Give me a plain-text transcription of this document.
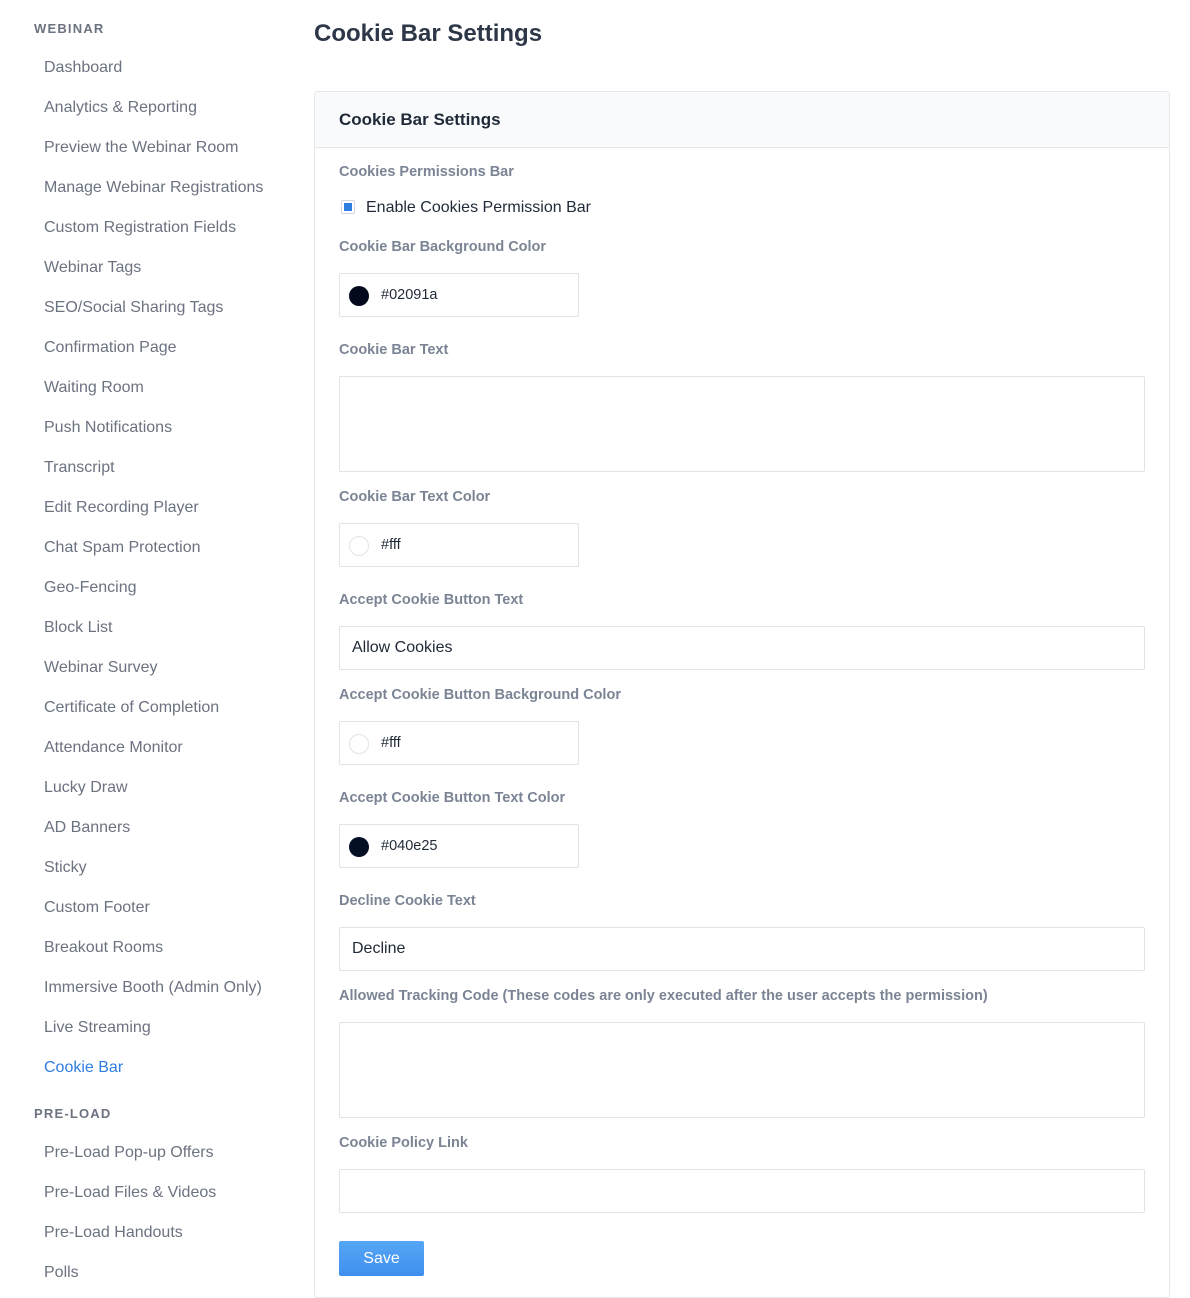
WEBINAR
Dashboard
Analytics & Reporting
Preview the Webinar Room
Manage Webinar Registrations
Custom Registration Fields
Webinar Tags
SEO/Social Sharing Tags
Confirmation Page
Waiting Room
Push Notifications
Transcript
Edit Recording Player
Chat Spam Protection
Geo-Fencing
Block List
Webinar Survey
Certificate of Completion
Attendance Monitor
Lucky Draw
AD Banners
Sticky
Custom Footer
Breakout Rooms
Immersive Booth (Admin Only)
Live Streaming
Cookie Bar
PRE-LOAD
Pre-Load Pop-up Offers
Pre-Load Files & Videos
Pre-Load Handouts
Polls
Cookie Bar Settings
Cookie Bar Settings
Cookies Permissions Bar
Enable Cookies Permission Bar
Cookie Bar Background Color
#02091a
Cookie Bar Text
Cookie Bar Text Color
#fff
Accept Cookie Button Text
Allow Cookies
Accept Cookie Button Background Color
#fff
Accept Cookie Button Text Color
#040e25
Decline Cookie Text
Decline
Allowed Tracking Code (These codes are only executed after the user accepts the permission)
Cookie Policy Link
Save
